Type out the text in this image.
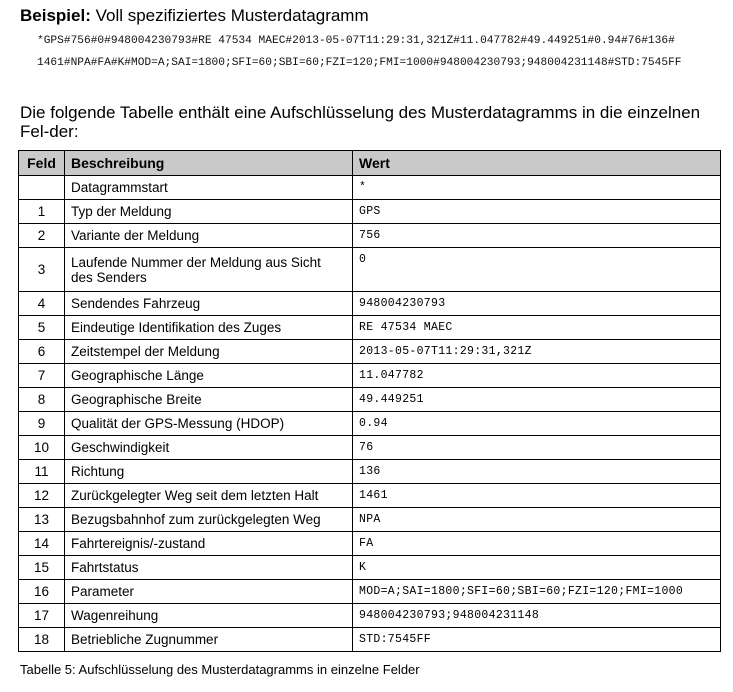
Beispiel: Voll spezifiziertes Musterdatagramm
*GPS#756#0#948004230793#RE 47534 MAEC#2013-05-07T11:29:31,321Z#11.047782#49.449251#0.94#76#136#
1461#NPA#FA#K#MOD=A;SAI=1800;SFI=60;SBI=60;FZI=120;FMI=1000#948004230793;948004231148#STD:7545FF
Die folgende Tabelle enthält eine Aufschlüsselung des Musterdatagramms in die einzelnen Fel-der:
Feld	Beschreibung	Wert
	Datagrammstart	*
1	Typ der Meldung	GPS
2	Variante der Meldung	756
3	Laufende Nummer der Meldung aus Sicht des Senders	0
4	Sendendes Fahrzeug	948004230793
5	Eindeutige Identifikation des Zuges	RE 47534 MAEC
6	Zeitstempel der Meldung	2013-05-07T11:29:31,321Z
7	Geographische Länge	11.047782
8	Geographische Breite	49.449251
9	Qualität der GPS-Messung (HDOP)	0.94
10	Geschwindigkeit	76
11	Richtung	136
12	Zurückgelegter Weg seit dem letzten Halt	1461
13	Bezugsbahnhof zum zurückgelegten Weg	NPA
14	Fahrtereignis/-zustand	FA
15	Fahrtstatus	K
16	Parameter	MOD=A;SAI=1800;SFI=60;SBI=60;FZI=120;FMI=1000
17	Wagenreihung	948004230793;948004231148
18	Betriebliche Zugnummer	STD:7545FF
Tabelle 5: Aufschlüsselung des Musterdatagramms in einzelne Felder
